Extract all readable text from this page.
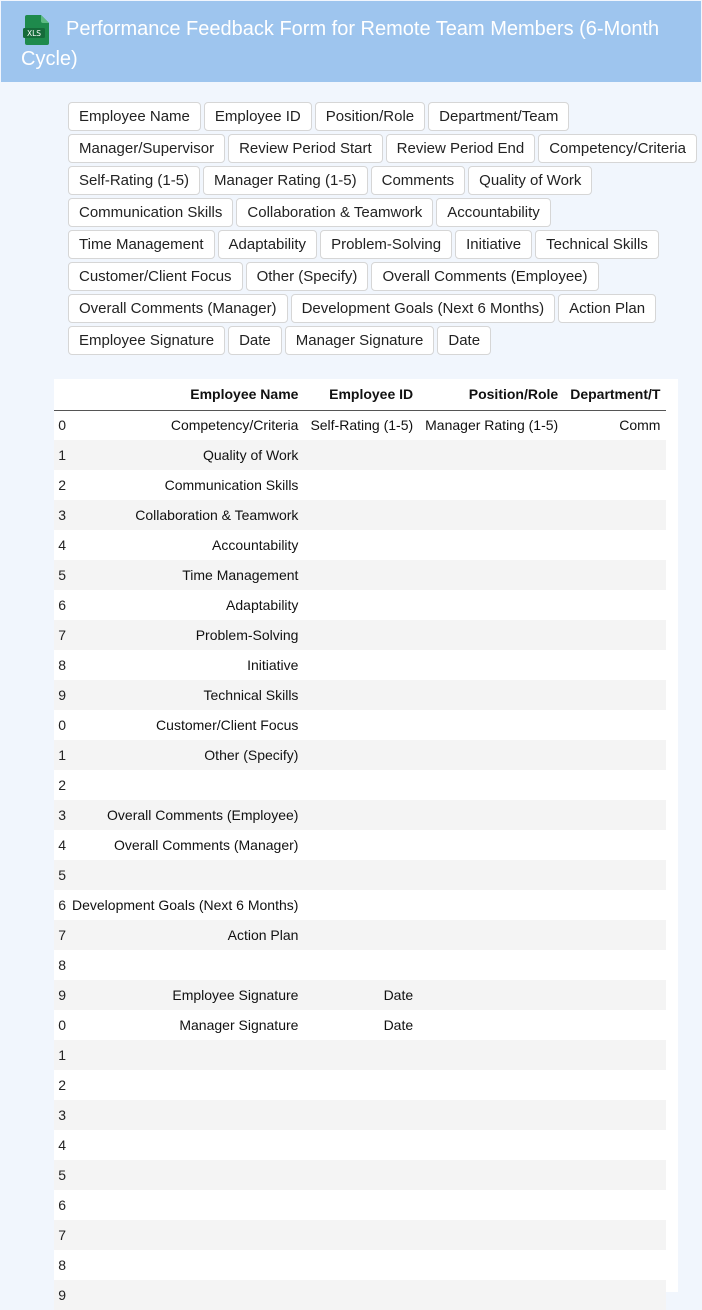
XLS	Performance Feedback Form for Remote Team Members (6-Month Cycle)
Employee Name	Employee ID	Position/Role	Department/Team
Manager/Supervisor	Review Period Start	Review Period End	Competency/Criteria
Self-Rating (1-5)	Manager Rating (1-5)	Comments	Quality of Work
Communication Skills	Collaboration & Teamwork	Accountability
Time Management	Adaptability	Problem-Solving	Initiative	Technical Skills
Customer/Client Focus	Other (Specify)	Overall Comments (Employee)
Overall Comments (Manager)	Development Goals (Next 6 Months)	Action Plan
Employee Signature	Date	Manager Signature	Date
	Employee Name	Employee ID	Position/Role	Department/T
0	Competency/Criteria	Self-Rating (1-5)	Manager Rating (1-5)	Comm
1	Quality of Work			
2	Communication Skills			
3	Collaboration & Teamwork			
4	Accountability			
5	Time Management			
6	Adaptability			
7	Problem-Solving			
8	Initiative			
9	Technical Skills			
0	Customer/Client Focus			
1	Other (Specify)			
2				
3	Overall Comments (Employee)			
4	Overall Comments (Manager)			
5				
6	Development Goals (Next 6 Months)			
7	Action Plan			
8				
9	Employee Signature	Date		
0	Manager Signature	Date		
1				
2				
3				
4				
5				
6				
7				
8				
9				
